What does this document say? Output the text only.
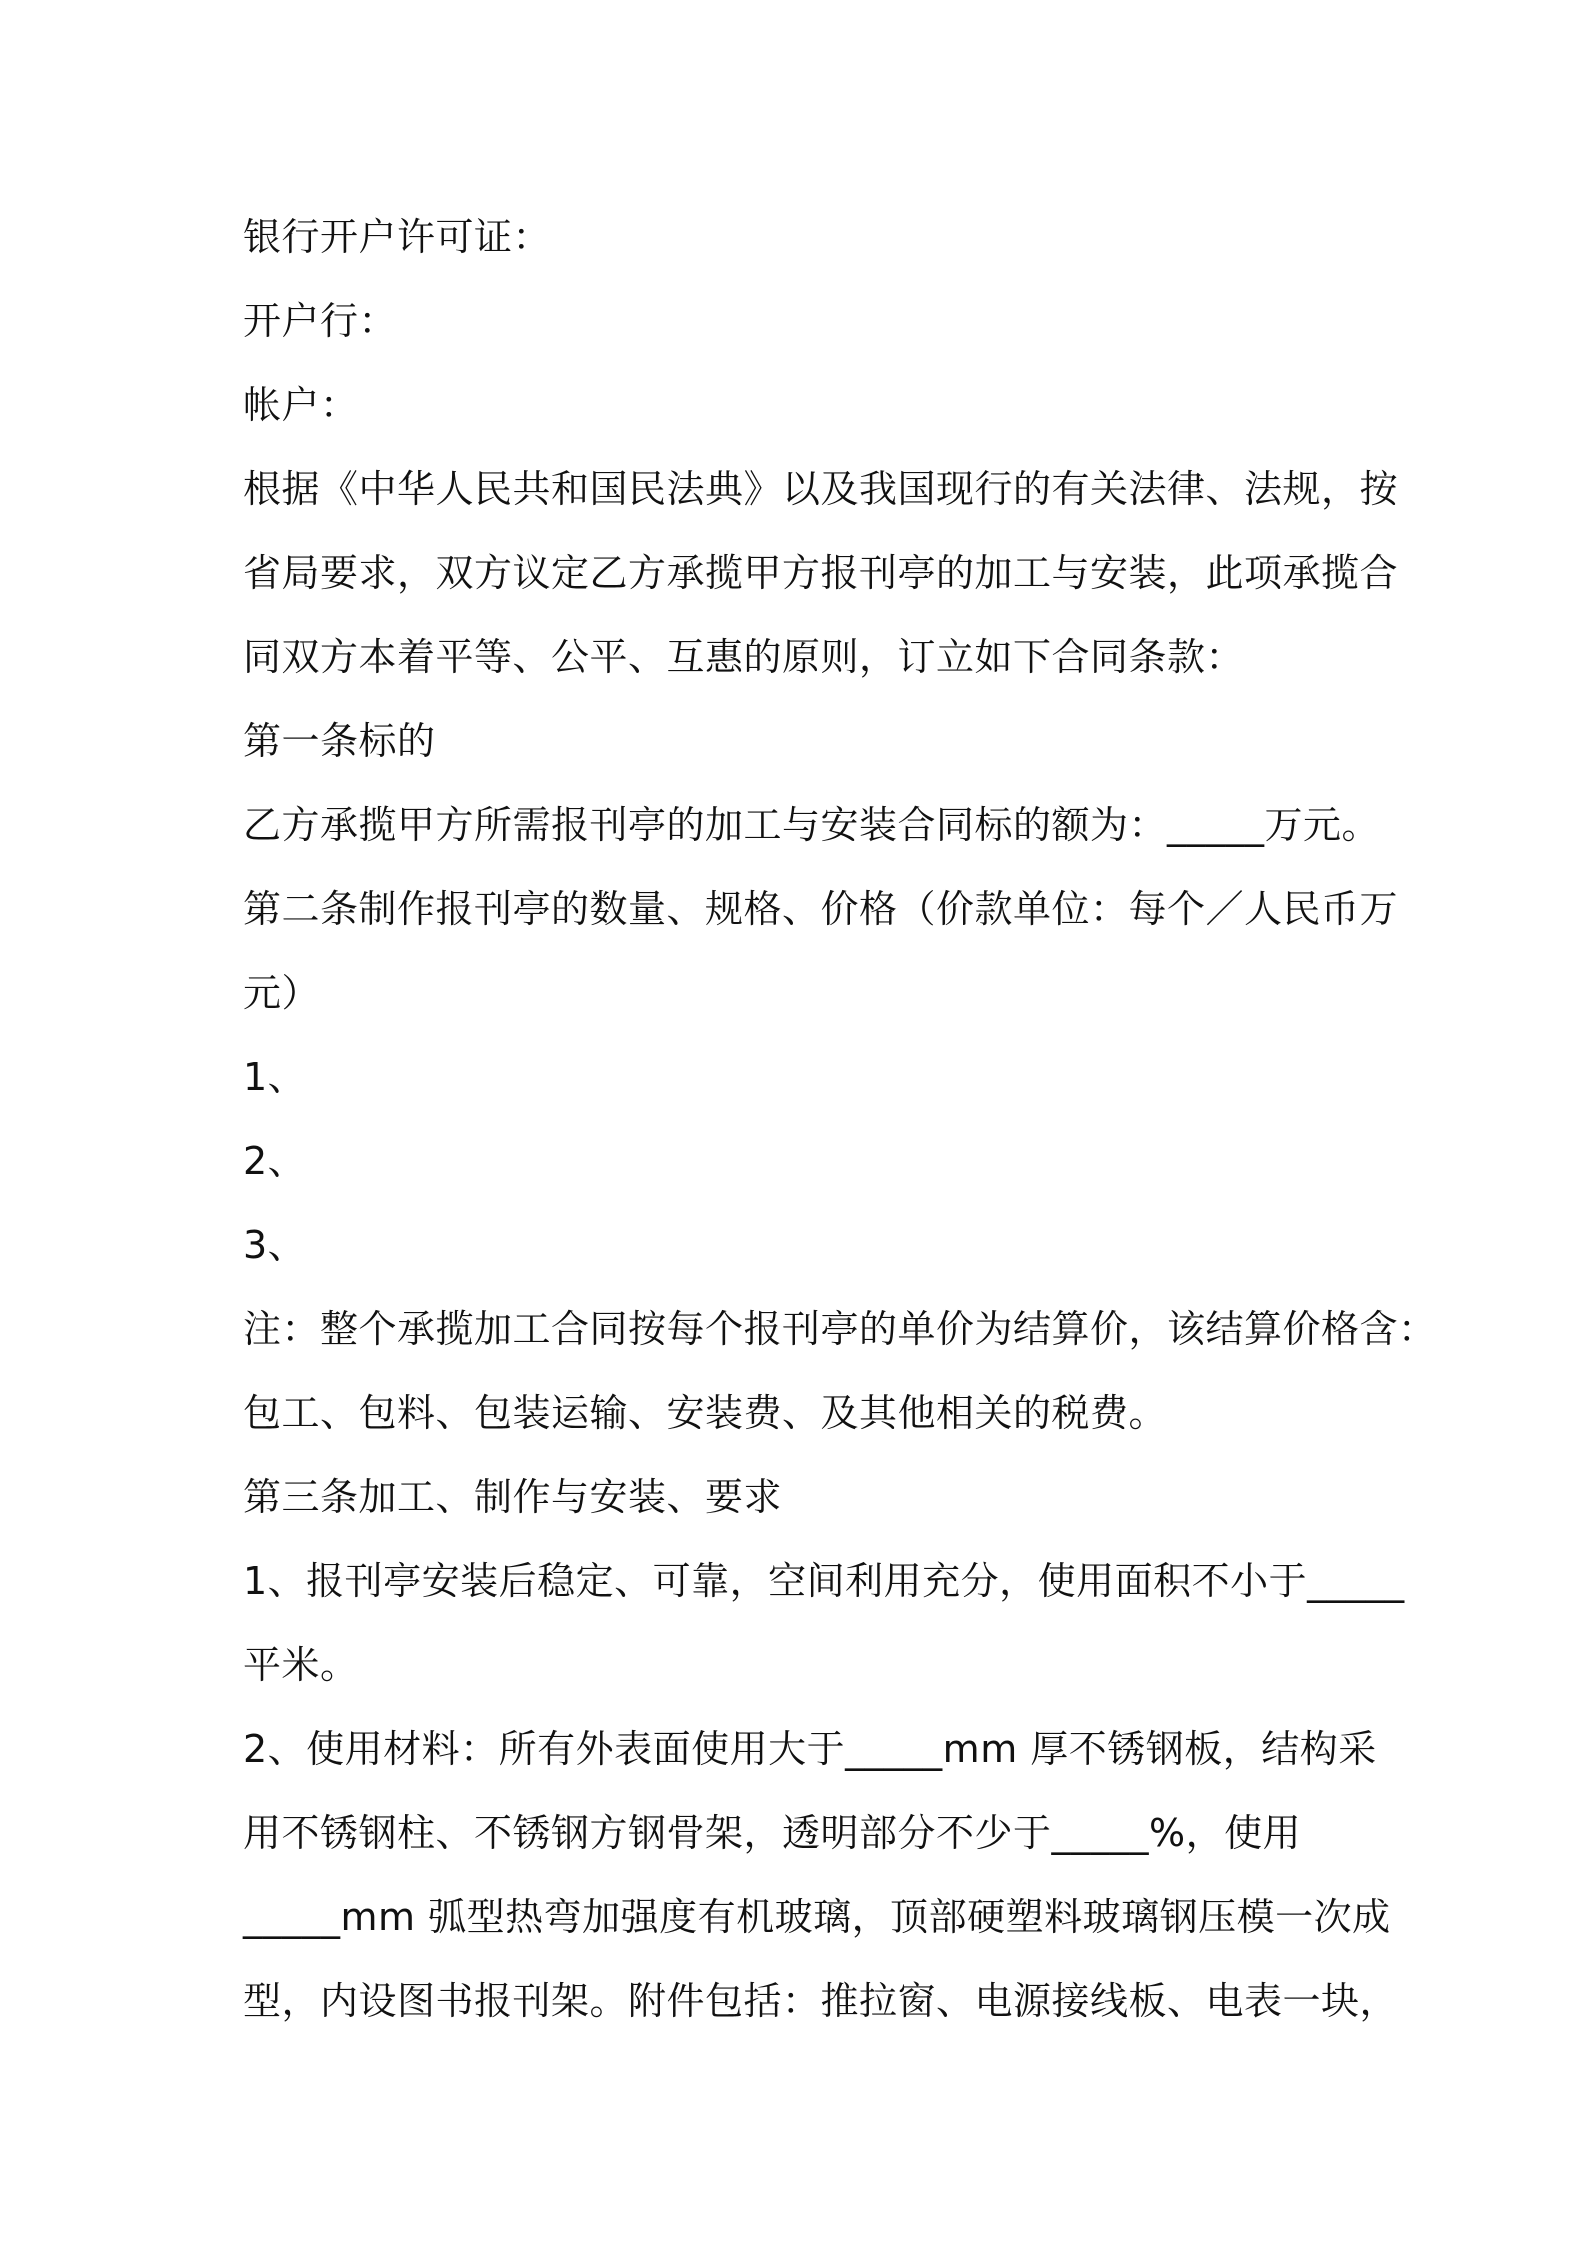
银行开户许可证：

开户行：

帐户：

根据《中华人民共和国民法典》以及我国现行的有关法律、法规，按

省局要求，双方议定乙方承揽甲方报刊亭的加工与安装，此项承揽合

同双方本着平等、公平、互惠的原则，订立如下合同条款：

第一条标的

乙方承揽甲方所需报刊亭的加工与安装合同标的额为：_____万元。

第二条制作报刊亭的数量、规格、价格（价款单位：每个／人民币万

元）

1、

2、

3、

注：整个承揽加工合同按每个报刊亭的单价为结算价，该结算价格含：

包工、包料、包装运输、安装费、及其他相关的税费。

第三条加工、制作与安装、要求

1、报刊亭安装后稳定、可靠，空间利用充分，使用面积不小于_____

平米。

2、使用材料：所有外表面使用大于_____mm 厚不锈钢板，结构采

用不锈钢柱、不锈钢方钢骨架，透明部分不少于_____%，使用

_____mm 弧型热弯加强度有机玻璃，顶部硬塑料玻璃钢压模一次成

型，内设图书报刊架。附件包括：推拉窗、电源接线板、电表一块，
